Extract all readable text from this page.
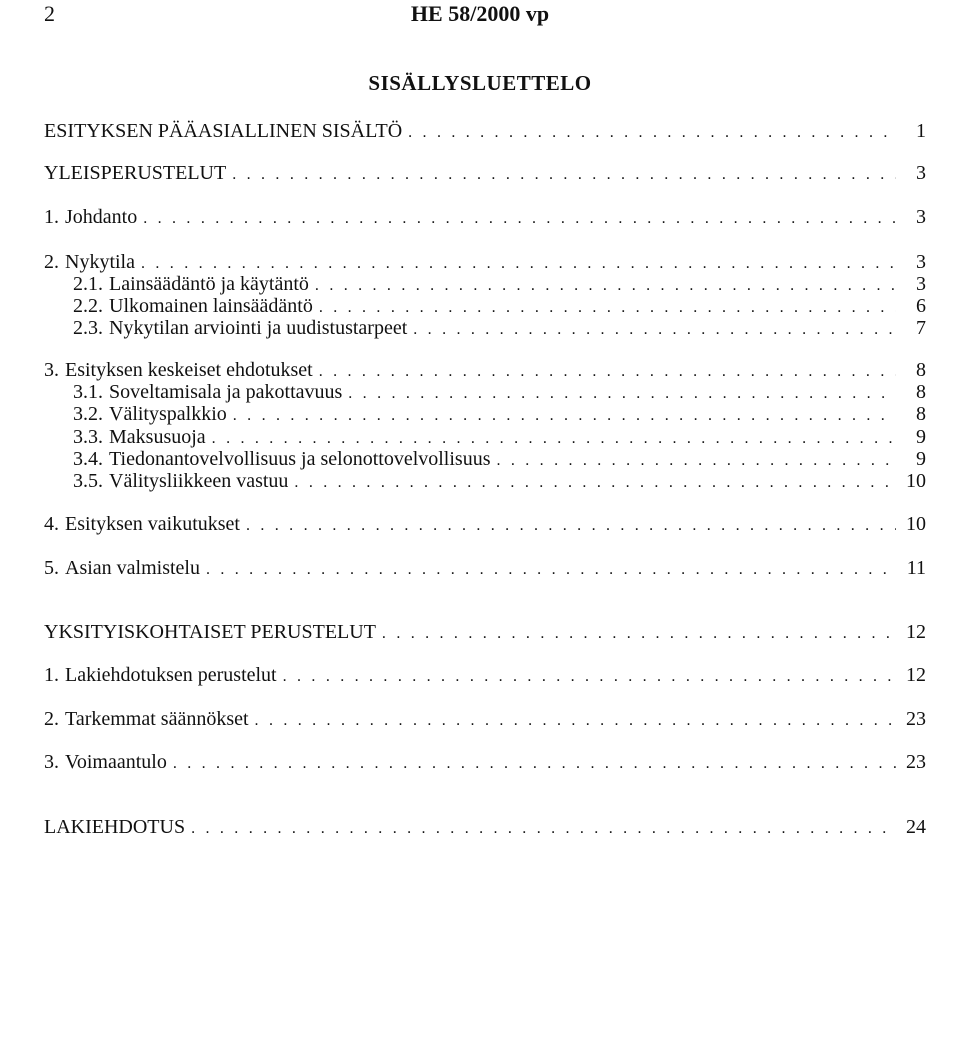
2	HE 58/2000 vp
SISÄLLYSLUETTELO
ESITYKSEN PÄÄASIALLINEN SISÄLTÖ . . .	1
YLEISPERUSTELUT . . .	3
1. Johdanto . . .	3
2. Nykytila . . .	3
2.1. Lainsäädäntö ja käytäntö . . .	3
2.2. Ulkomainen lainsäädäntö . . .	6
2.3. Nykytilan arviointi ja uudistustarpeet . . .	7
3. Esityksen keskeiset ehdotukset . . .	8
3.1. Soveltamisala ja pakottavuus . . .	8
3.2. Välityspalkkio . . .	8
3.3. Maksusuoja . . .	9
3.4. Tiedonantovelvollisuus ja selonottovelvollisuus . . .	9
3.5. Välitysliikkeen vastuu . . .	10
4. Esityksen vaikutukset . . .	10
5. Asian valmistelu . . .	11
YKSITYISKOHTAISET PERUSTELUT . . .	12
1. Lakiehdotuksen perustelut . . .	12
2. Tarkemmat säännökset . . .	23
3. Voimaantulo . . .	23
LAKIEHDOTUS . . .	24
